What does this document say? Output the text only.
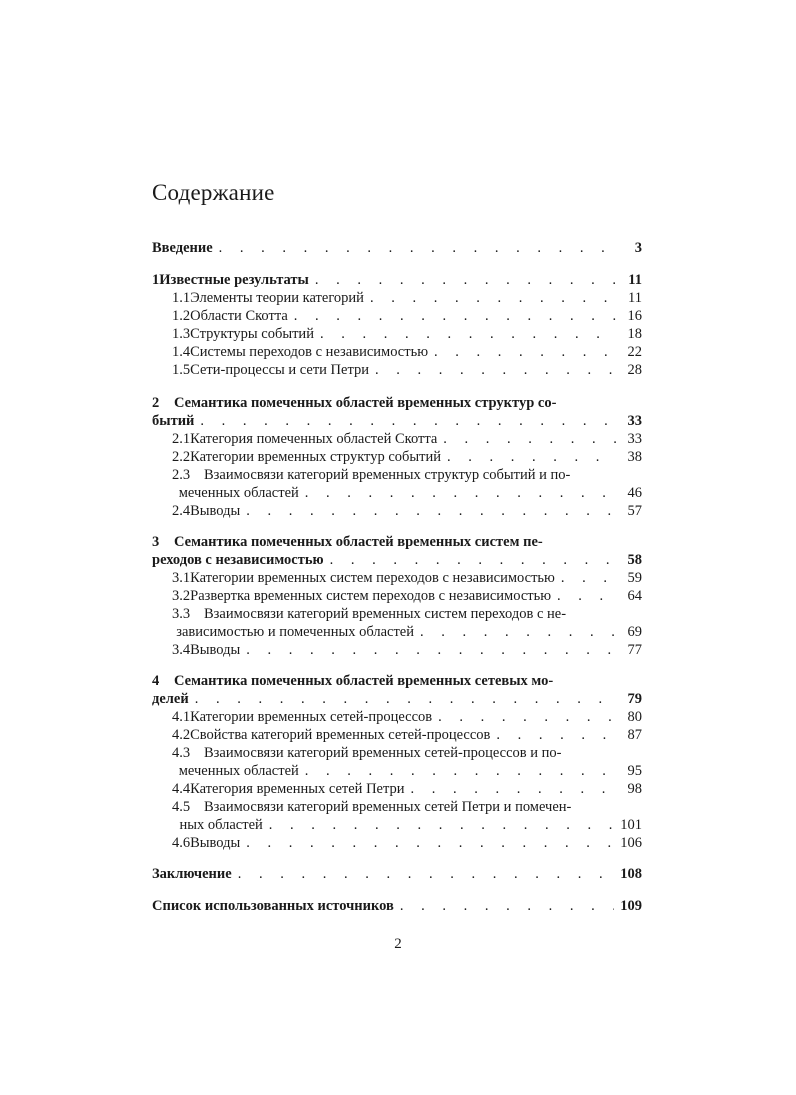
Содержание
Введение . . .	3
1 Известные результаты . . .	11
1.1 Элементы теории категорий . . .	11
1.2 Области Скотта . . .	16
1.3 Структуры событий . . .	18
1.4 Системы переходов с независимостью . . .	22
1.5 Сети-процессы и сети Петри . . .	28
2 Семантика помеченных областей временных структур со-
бытий . . .	33
2.1 Категория помеченных областей Скотта . . .	33
2.2 Категории временных структур событий . . .	38
2.3 Взаимосвязи категорий временных структур событий и по-
меченных областей . . .	46
2.4 Выводы . . .	57
3 Семантика помеченных областей временных систем пе-
реходов с независимостью . . .	58
3.1 Категории временных систем переходов с независимостью . . .	59
3.2 Развертка временных систем переходов с независимостью . . .	64
3.3 Взаимосвязи категорий временных систем переходов с не-
зависимостью и помеченных областей . . .	69
3.4 Выводы . . .	77
4 Семантика помеченных областей временных сетевых мо-
делей . . .	79
4.1 Категории временных сетей-процессов . . .	80
4.2 Свойства категорий временных сетей-процессов . . .	87
4.3 Взаимосвязи категорий временных сетей-процессов и по-
меченных областей . . .	95
4.4 Категория временных сетей Петри . . .	98
4.5 Взаимосвязи категорий временных сетей Петри и помечен-
ных областей . . .	101
4.6 Выводы . . .	106
Заключение . . .	108
Список использованных источников . . .	109
2
